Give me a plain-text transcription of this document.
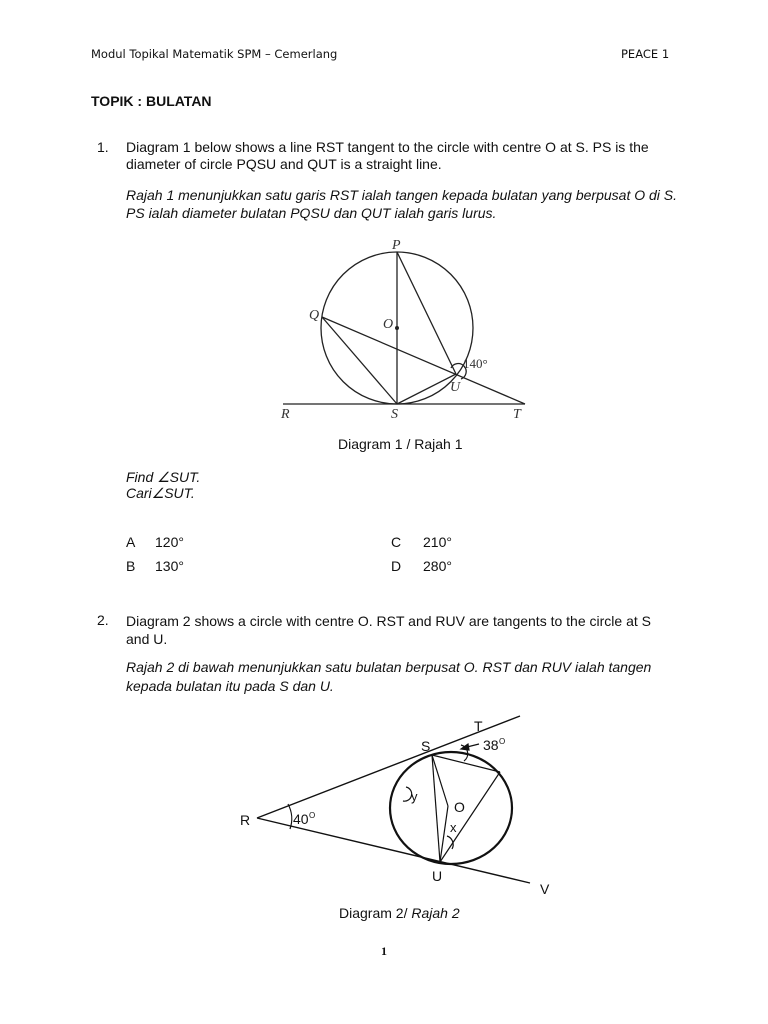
Modul Topikal Matematik SPM – Cemerlang	PEACE 1
TOPIK : BULATAN
1. Diagram 1 below shows a line RST tangent to the circle with centre O at S. PS is the
diameter of circle PQSU and QUT is a straight line.
Rajah 1 menunjukkan satu garis RST ialah tangen kepada bulatan yang berpusat O di S.
PS ialah diameter bulatan PQSU dan QUT ialah garis lurus.
P
Q
O
U
R	S	T
140°
Diagram 1 / Rajah 1
Find ∠SUT.
Cari∠SUT.
A 120°
B 130°
C 210°
D 280°
2. Diagram 2 shows a circle with centre O. RST and RUV are tangents to the circle at S
and U.
Rajah 2 di bawah menunjukkan satu bulatan berpusat O. RST dan RUV ialah tangen
kepada bulatan itu pada S dan U.
T
S
R
U
V
O
y
x
38 O
40 O
Diagram 2/ Rajah 2
1
